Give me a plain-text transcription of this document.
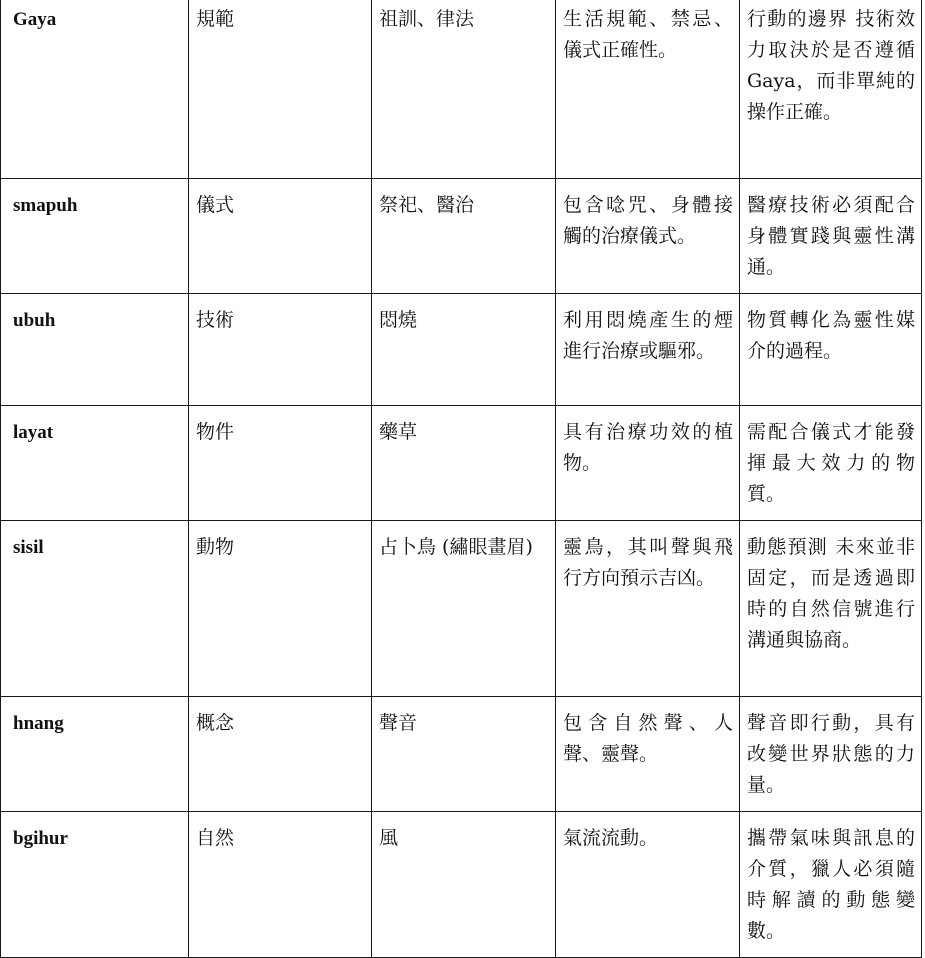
Gaya	規範	祖訓、律法	生活規範、禁忌、儀式正確性。	行動的邊界 技術效力取決於是否遵循 Gaya，而非單純的操作正確。
smapuh	儀式	祭祀、醫治	包含唸咒、身體接觸的治療儀式。	醫療技術必須配合身體實踐與靈性溝通。
ubuh	技術	悶燒	利用悶燒產生的煙進行治療或驅邪。	物質轉化為靈性媒介的過程。
layat	物件	藥草	具有治療功效的植物。	需配合儀式才能發揮最大效力的物質。
sisil	動物	占卜鳥 (繡眼畫眉)	靈鳥，其叫聲與飛行方向預示吉凶。	動態預測 未來並非固定，而是透過即時的自然信號進行溝通與協商。
hnang	概念	聲音	包含自然聲、人聲、靈聲。	聲音即行動，具有改變世界狀態的力量。
bgihur	自然	風	氣流流動。	攜帶氣味與訊息的介質，獵人必須隨時解讀的動態變數。
